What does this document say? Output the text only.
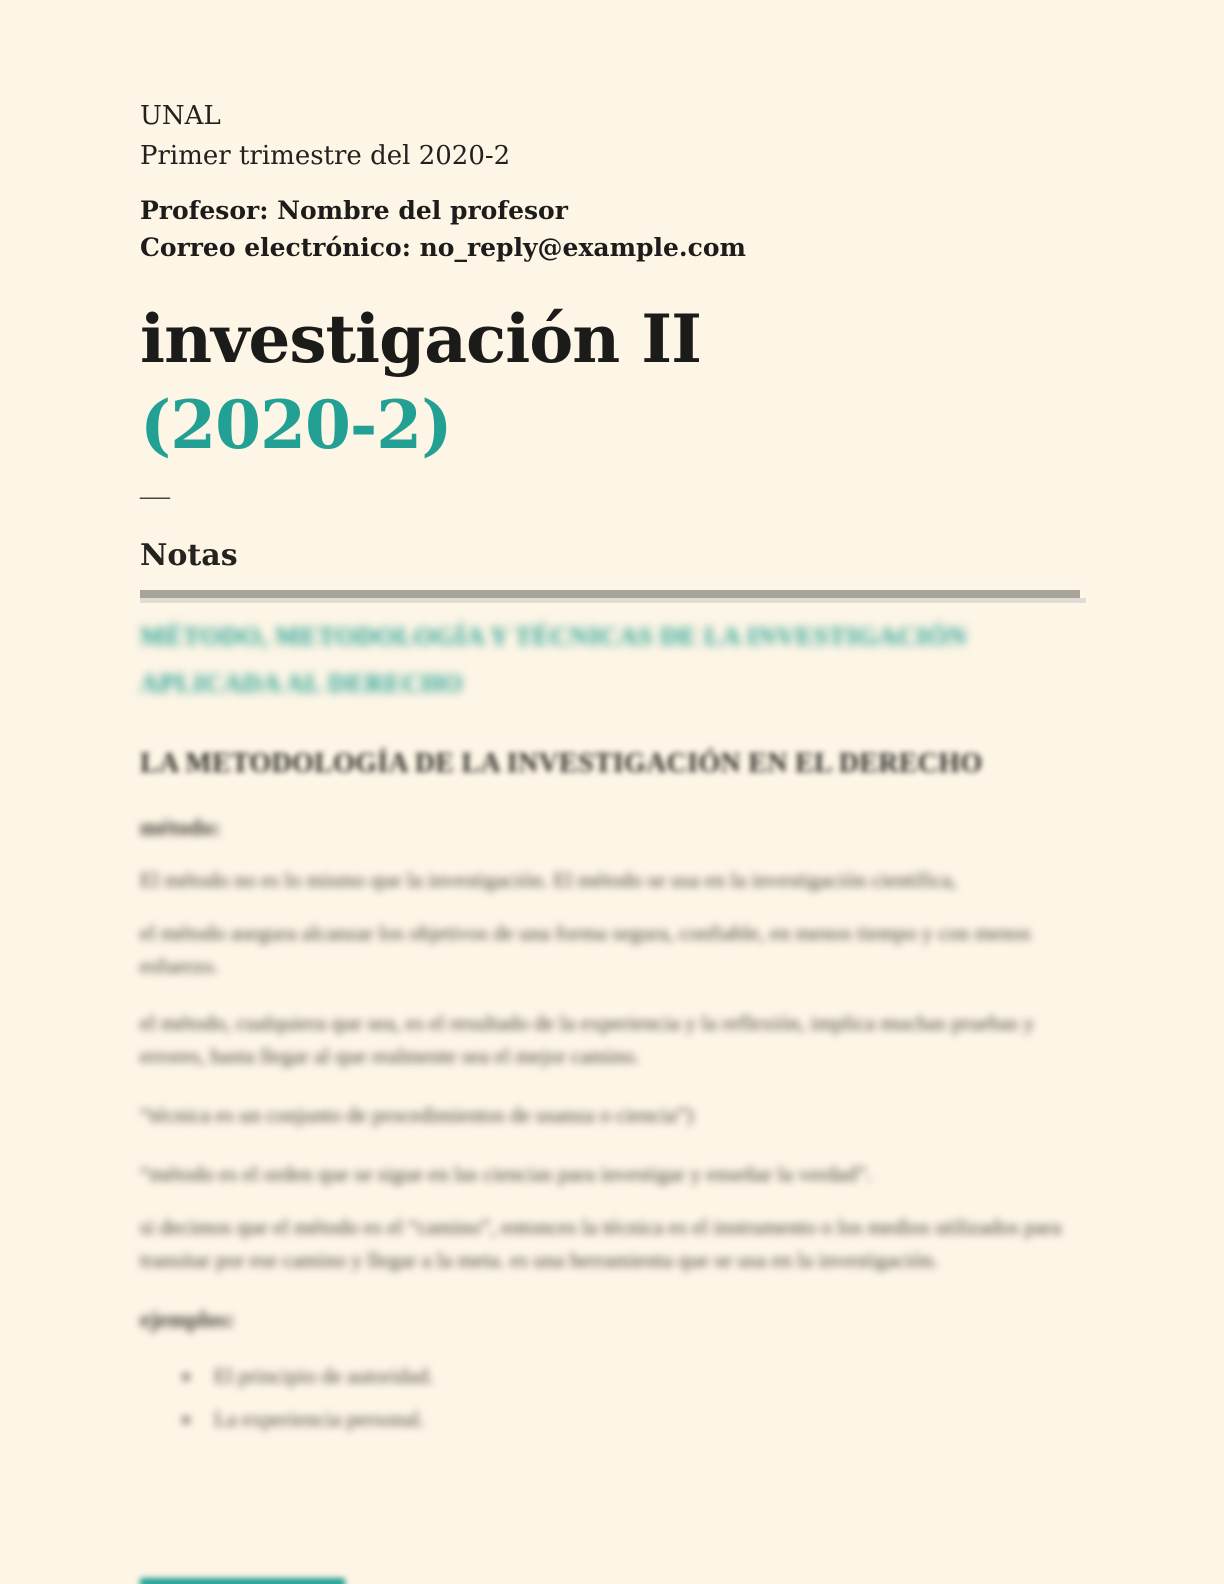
UNAL
Primer trimestre del 2020-2
Profesor: Nombre del profesor
Correo electrónico: no_reply@example.com
investigación II
(2020-2)
—
Notas
MÉTODO, METODOLOGÍA Y TÉCNICAS DE LA INVESTIGACIÓN
APLICADA AL DERECHO
LA METODOLOGÍA DE LA INVESTIGACIÓN EN EL DERECHO
método:
El método no es lo mismo que la investigación. El método se usa en la investigación científica,
el método asegura alcanzar los objetivos de una forma segura, confiable, en menos tiempo y con menos esfuerzo.
el método, cualquiera que sea, es el resultado de la experiencia y la reflexión, implica muchas pruebas y errores, hasta llegar al que realmente sea el mejor camino.
“técnica es un conjunto de procedimientos de usanza o ciencia”)
“método es el orden que se sigue en las ciencias para investigar y enseñar la verdad”.
si decimos que el método es el “camino”, entonces la técnica es el instrumento o los medios utilizados para transitar por ese camino y llegar a la meta. es una herramienta que se usa en la investigación.
ejemplos:
▪ El principio de autoridad.
▪ La experiencia personal.
